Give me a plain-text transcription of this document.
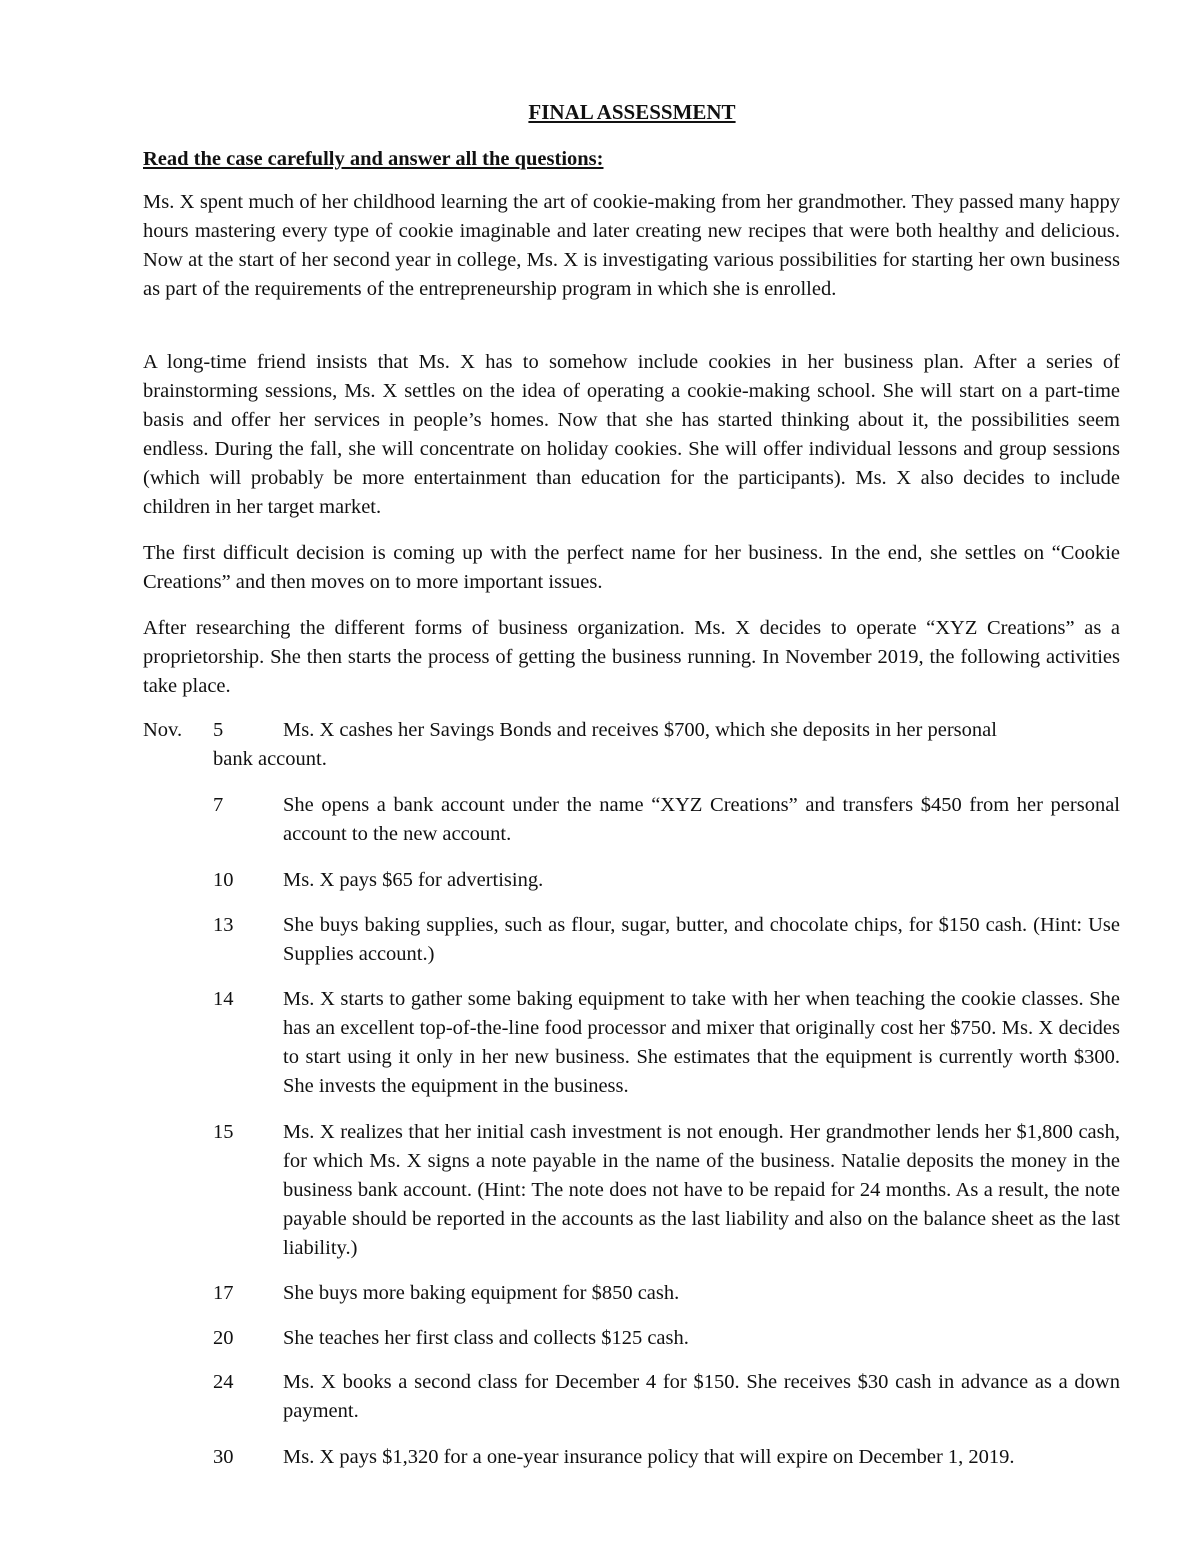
FINAL ASSESSMENT

Read the case carefully and answer all the questions:

Ms. X spent much of her childhood learning the art of cookie-making from her grandmother. They passed many happy hours mastering every type of cookie imaginable and later creating new recipes that were both healthy and delicious. Now at the start of her second year in college, Ms. X is investigating various possibilities for starting her own business as part of the requirements of the entrepreneurship program in which she is enrolled.

A long-time friend insists that Ms. X has to somehow include cookies in her business plan. After a series of brainstorming sessions, Ms. X settles on the idea of operating a cookie-making school. She will start on a part-time basis and offer her services in people’s homes. Now that she has started thinking about it, the possibilities seem endless. During the fall, she will concentrate on holiday cookies. She will offer individual lessons and group sessions (which will probably be more entertainment than education for the participants). Ms. X also decides to include children in her target market.

The first difficult decision is coming up with the perfect name for her business. In the end, she settles on “Cookie Creations” and then moves on to more important issues.

After researching the different forms of business organization. Ms. X decides to operate “XYZ Creations” as a proprietorship. She then starts the process of getting the business running. In November 2019, the following activities take place.

Nov. 5	Ms. X cashes her Savings Bonds and receives $700, which she deposits in her personal
bank account.
7	She opens a bank account under the name “XYZ Creations” and transfers $450 from her personal account to the new account.
10 Ms. X pays $65 for advertising.
13 She buys baking supplies, such as flour, sugar, butter, and chocolate chips, for $150 cash. (Hint: Use Supplies account.)
14 Ms. X starts to gather some baking equipment to take with her when teaching the cookie classes. She has an excellent top-of-the-line food processor and mixer that originally cost her $750. Ms. X decides to start using it only in her new business. She estimates that the equipment is currently worth $300. She invests the equipment in the business.
15 Ms. X realizes that her initial cash investment is not enough. Her grandmother lends her $1,800 cash, for which Ms. X signs a note payable in the name of the business. Natalie deposits the money in the business bank account. (Hint: The note does not have to be repaid for 24 months. As a result, the note payable should be reported in the accounts as the last liability and also on the balance sheet as the last liability.)
17 She buys more baking equipment for $850 cash.
20 She teaches her first class and collects $125 cash.
24 Ms. X books a second class for December 4 for $150. She receives $30 cash in advance as a down payment.
30 Ms. X pays $1,320 for a one-year insurance policy that will expire on December 1, 2019.
